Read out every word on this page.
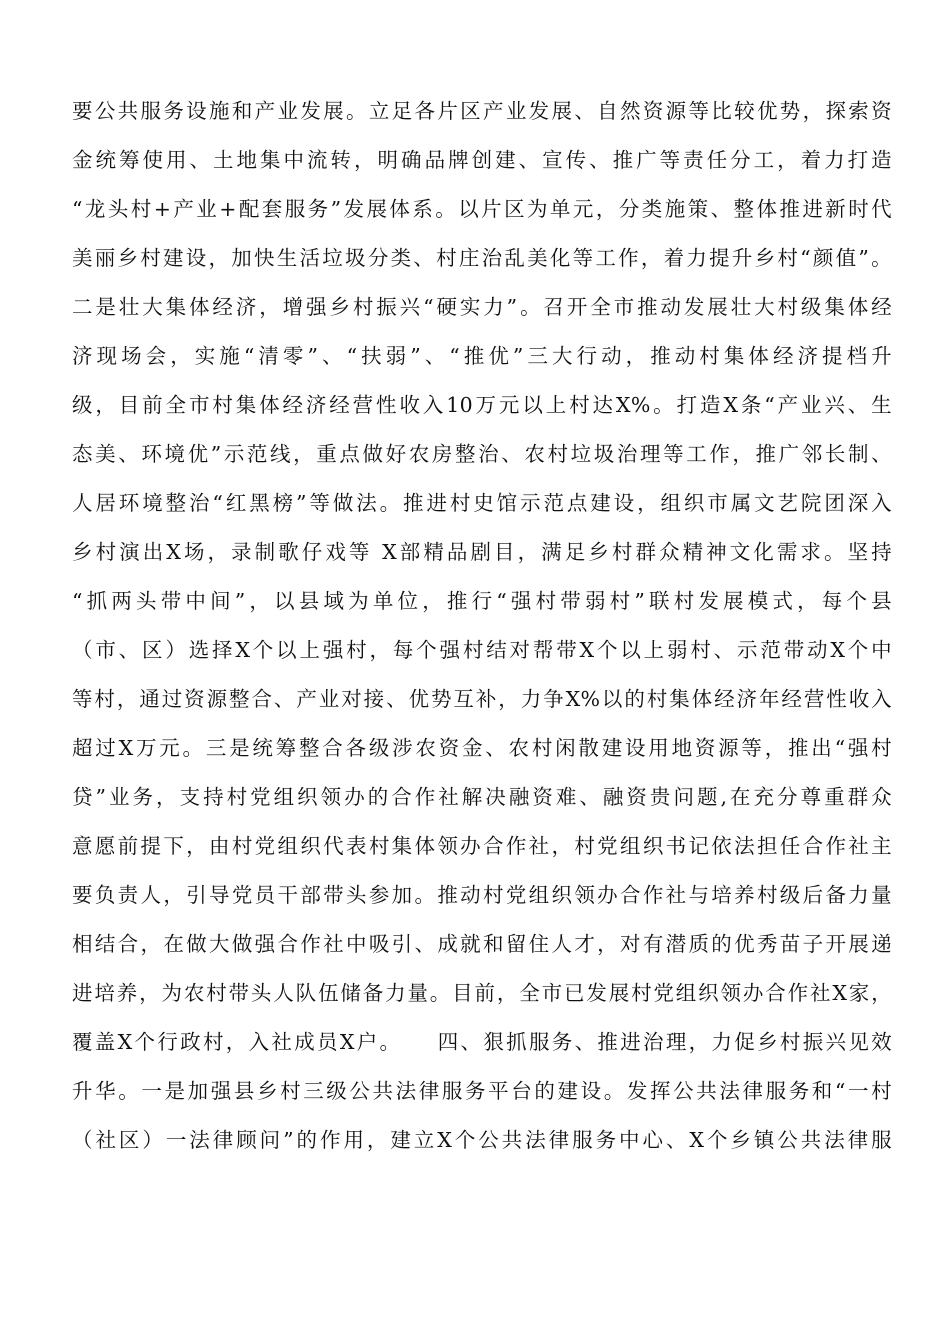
要公共服务设施和产业发展。立足各片区产业发展、自然资源等比较优势，探索资
金统筹使用、土地集中流转，明确品牌创建、宣传、推广等责任分工，着力打造
“龙头村+产业+配套服务”发展体系。以片区为单元，分类施策、整体推进新时代
美丽乡村建设，加快生活垃圾分类、村庄治乱美化等工作，着力提升乡村“颜值”。
二是壮大集体经济，增强乡村振兴“硬实力”。召开全市推动发展壮大村级集体经
济现场会，实施“清零”、“扶弱”、“推优”三大行动，推动村集体经济提档升
级，目前全市村集体经济经营性收入10万元以上村达X%。打造X条“产业兴、生
态美、环境优”示范线，重点做好农房整治、农村垃圾治理等工作，推广邻长制、
人居环境整治“红黑榜”等做法。推进村史馆示范点建设，组织市属文艺院团深入
乡村演出X场，录制歌仔戏等 X部精品剧目，满足乡村群众精神文化需求。坚持
“抓两头带中间”，以县域为单位，推行“强村带弱村”联村发展模式，每个县
（市、区）选择X个以上强村，每个强村结对帮带X个以上弱村、示范带动X个中
等村，通过资源整合、产业对接、优势互补，力争X%以的村集体经济年经营性收入
超过X万元。三是统筹整合各级涉农资金、农村闲散建设用地资源等，推出“强村
贷”业务，支持村党组织领办的合作社解决融资难、融资贵问题,在充分尊重群众
意愿前提下，由村党组织代表村集体领办合作社，村党组织书记依法担任合作社主
要负责人，引导党员干部带头参加。推动村党组织领办合作社与培养村级后备力量
相结合，在做大做强合作社中吸引、成就和留住人才，对有潜质的优秀苗子开展递
进培养，为农村带头人队伍储备力量。目前，全市已发展村党组织领办合作社X家，
覆盖X个行政村，入社成员X户。　　四、狠抓服务、推进治理，力促乡村振兴见效
升华。一是加强县乡村三级公共法律服务平台的建设。发挥公共法律服务和“一村
（社区）一法律顾问”的作用，建立X个公共法律服务中心、X个乡镇公共法律服
